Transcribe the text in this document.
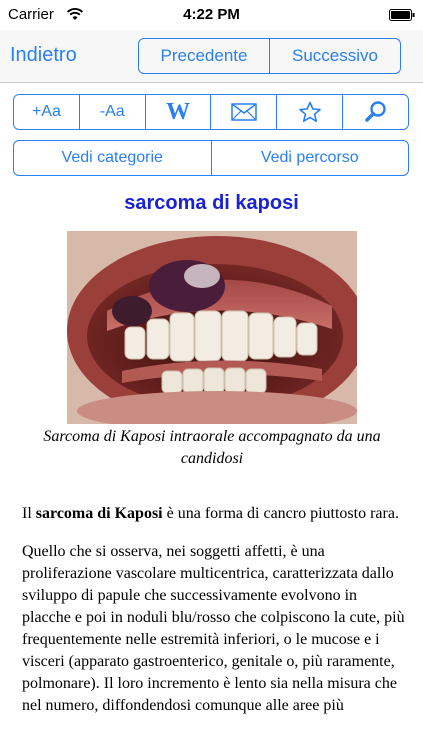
Carrier	4:22 PM
Indietro	Precedente	Successivo
+Aa	-Aa	W
Vedi categorie	Vedi percorso
sarcoma di kaposi
Sarcoma di Kaposi intraorale accompagnato da una candidosi

Il sarcoma di Kaposi è una forma di cancro piuttosto rara.

Quello che si osserva, nei soggetti affetti, è una proliferazione vascolare multicentrica, caratterizzata dallo sviluppo di papule che successivamente evolvono in placche e poi in noduli blu/rosso che colpiscono la cute, più frequentemente nelle estremità inferiori, o le mucose e i visceri (apparato gastroenterico, genitale o, più raramente, polmonare). Il loro incremento è lento sia nella misura che nel numero, diffondendosi comunque alle aree più
